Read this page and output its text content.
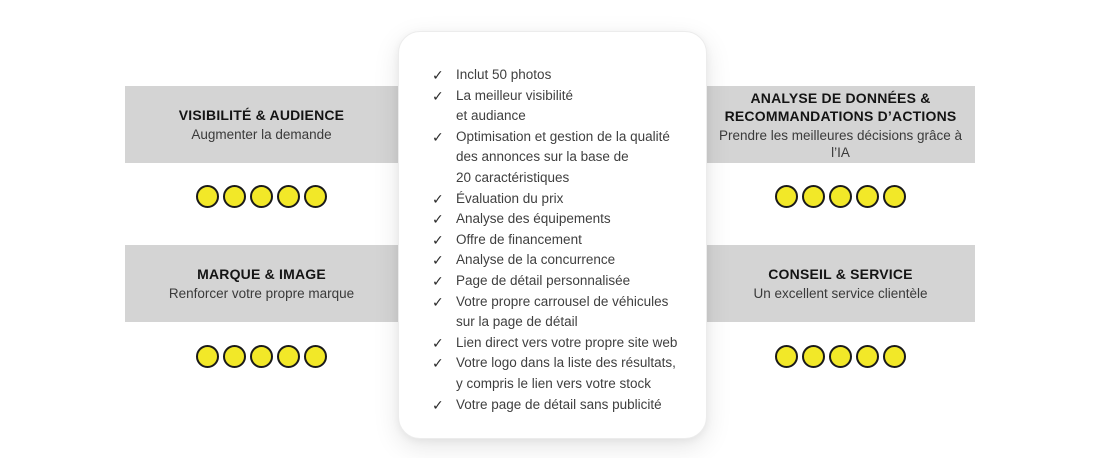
VISIBILITÉ & AUDIENCE
Augmenter la demande
ANALYSE DE DONNÉES & RECOMMANDATIONS D’ACTIONS
Prendre les meilleures décisions grâce à l’IA
MARQUE & IMAGE
Renforcer votre propre marque
CONSEIL & SERVICE
Un excellent service clientèle
✓ Inclut 50 photos
✓ La meilleur visibilité
et audiance
✓ Optimisation et gestion de la qualité
des annonces sur la base de
20 caractéristiques
✓ Évaluation du prix
✓ Analyse des équipements
✓ Offre de financement
✓ Analyse de la concurrence
✓ Page de détail personnalisée
✓ Votre propre carrousel de véhicules
sur la page de détail
✓ Lien direct vers votre propre site web
✓ Votre logo dans la liste des résultats,
y compris le lien vers votre stock
✓ Votre page de détail sans publicité
